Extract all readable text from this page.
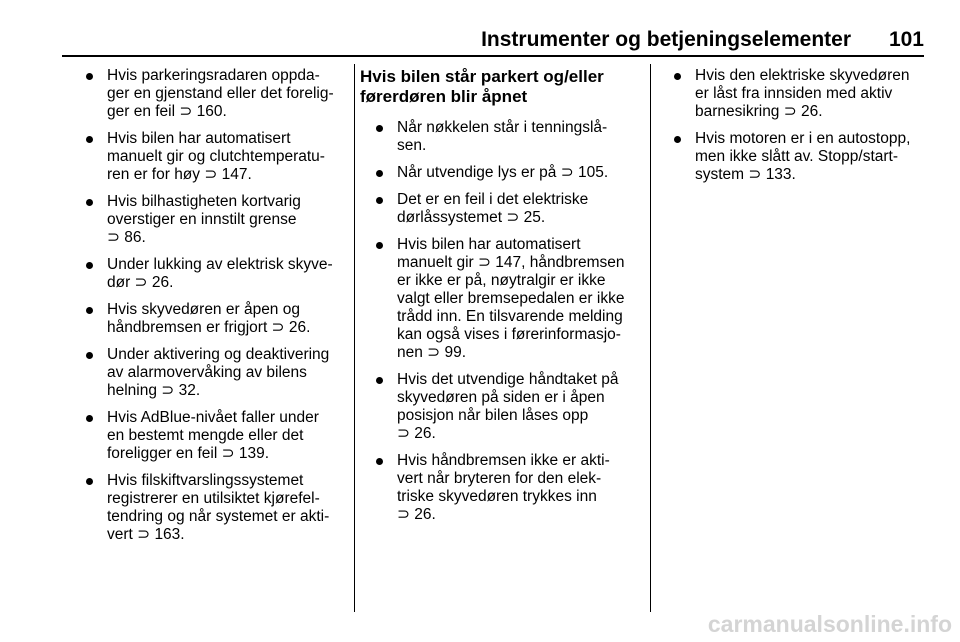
Instrumenter og betjeningselementer 101
Hvis parkeringsradaren oppda-
ger en gjenstand eller det forelig-
ger en feil ⊃ 160.
Hvis bilen har automatisert
manuelt gir og clutchtemperatu-
ren er for høy ⊃ 147.
Hvis bilhastigheten kortvarig
overstiger en innstilt grense
⊃ 86.
Under lukking av elektrisk skyve-
dør ⊃ 26.
Hvis skyvedøren er åpen og
håndbremsen er frigjort ⊃ 26.
Under aktivering og deaktivering
av alarmovervåking av bilens
helning ⊃ 32.
Hvis AdBlue-nivået faller under
en bestemt mengde eller det
foreligger en feil ⊃ 139.
Hvis filskiftvarslingssystemet
registrerer en utilsiktet kjørefel-
tendring og når systemet er akti-
vert ⊃ 163.
Hvis bilen står parkert og/eller
førerdøren blir åpnet
Når nøkkelen står i tenningslå-
sen.
Når utvendige lys er på ⊃ 105.
Det er en feil i det elektriske
dørlåssystemet ⊃ 25.
Hvis bilen har automatisert
manuelt gir ⊃ 147, håndbremsen
er ikke er på, nøytralgir er ikke
valgt eller bremsepedalen er ikke
trådd inn. En tilsvarende melding
kan også vises i førerinformasjo-
nen ⊃ 99.
Hvis det utvendige håndtaket på
skyvedøren på siden er i åpen
posisjon når bilen låses opp
⊃ 26.
Hvis håndbremsen ikke er akti-
vert når bryteren for den elek-
triske skyvedøren trykkes inn
⊃ 26.
Hvis den elektriske skyvedøren
er låst fra innsiden med aktiv
barnesikring ⊃ 26.
Hvis motoren er i en autostopp,
men ikke slått av. Stopp/start-
system ⊃ 133.
carmanualsonline.info
